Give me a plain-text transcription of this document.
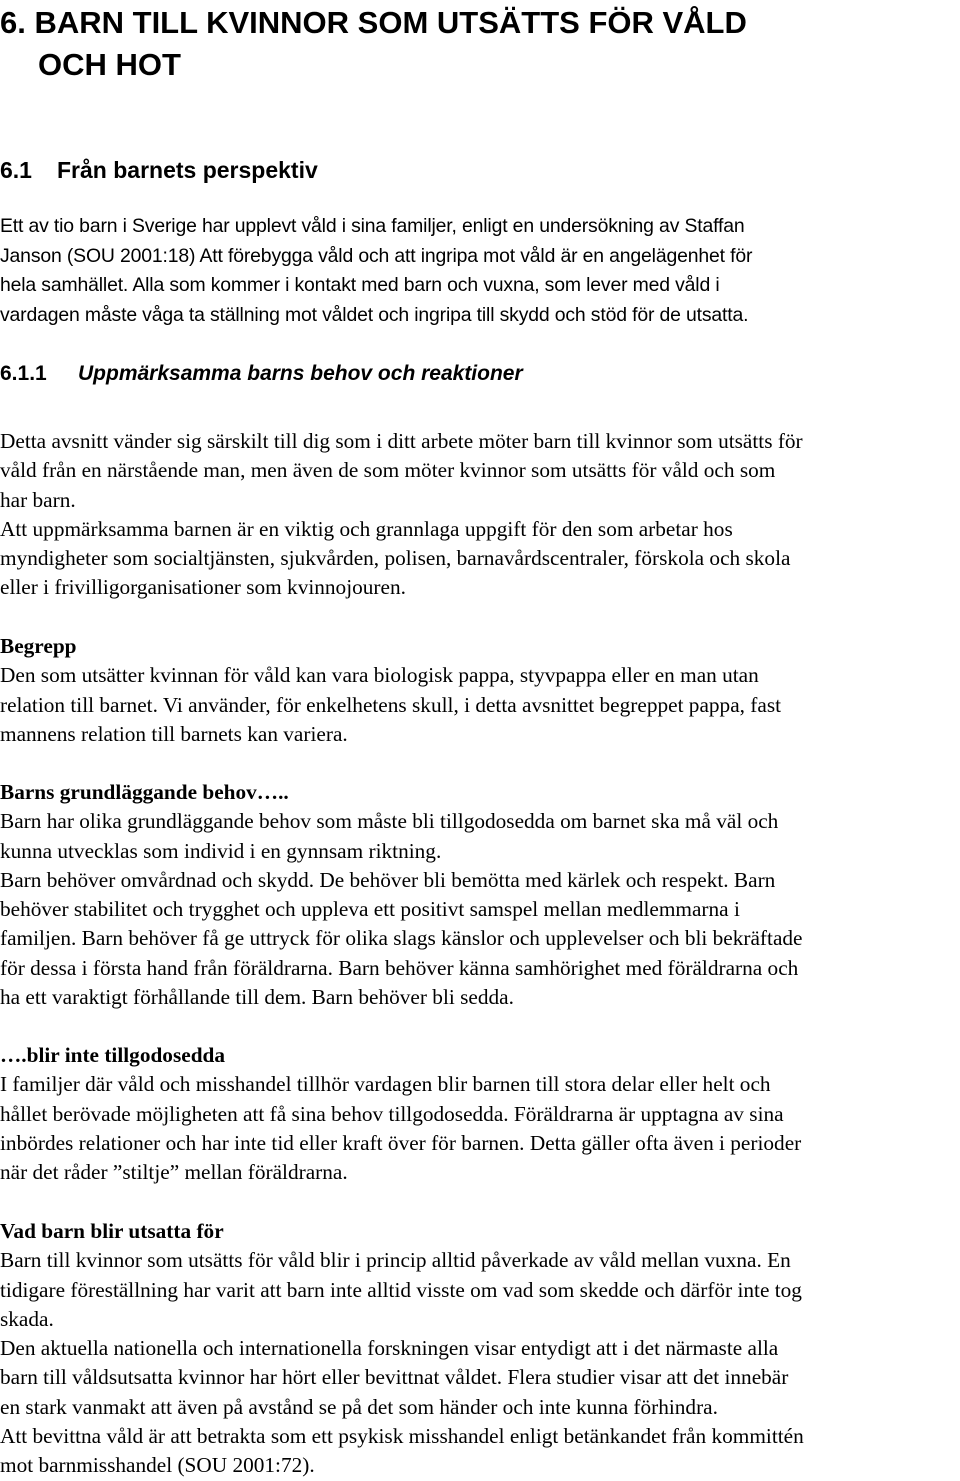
6. BARN TILL KVINNOR SOM UTSÄTTS FÖR VÅLD
OCH HOT
6.1 Från barnets perspektiv
Ett av tio barn i Sverige har upplevt våld i sina familjer, enligt en undersökning av Staffan
Janson (SOU 2001:18) Att förebygga våld och att ingripa mot våld är en angelägenhet för
hela samhället. Alla som kommer i kontakt med barn och vuxna, som lever med våld i
vardagen måste våga ta ställning mot våldet och ingripa till skydd och stöd för de utsatta.
6.1.1 Uppmärksamma barns behov och reaktioner
Detta avsnitt vänder sig särskilt till dig som i ditt arbete möter barn till kvinnor som utsätts för
våld från en närstående man, men även de som möter kvinnor som utsätts för våld och som
har barn.
Att uppmärksamma barnen är en viktig och grannlaga uppgift för den som arbetar hos
myndigheter som socialtjänsten, sjukvården, polisen, barnavårdscentraler, förskola och skola
eller i frivilligorganisationer som kvinnojouren.
Begrepp
Den som utsätter kvinnan för våld kan vara biologisk pappa, styvpappa eller en man utan
relation till barnet. Vi använder, för enkelhetens skull, i detta avsnittet begreppet pappa, fast
mannens relation till barnets kan variera.
Barns grundläggande behov…..
Barn har olika grundläggande behov som måste bli tillgodosedda om barnet ska må väl och
kunna utvecklas som individ i en gynnsam riktning.
Barn behöver omvårdnad och skydd. De behöver bli bemötta med kärlek och respekt. Barn
behöver stabilitet och trygghet och uppleva ett positivt samspel mellan medlemmarna i
familjen. Barn behöver få ge uttryck för olika slags känslor och upplevelser och bli bekräftade
för dessa i första hand från föräldrarna. Barn behöver känna samhörighet med föräldrarna och
ha ett varaktigt förhållande till dem. Barn behöver bli sedda.
….blir inte tillgodosedda
I familjer där våld och misshandel tillhör vardagen blir barnen till stora delar eller helt och
hållet berövade möjligheten att få sina behov tillgodosedda. Föräldrarna är upptagna av sina
inbördes relationer och har inte tid eller kraft över för barnen. Detta gäller ofta även i perioder
när det råder ”stiltje” mellan föräldrarna.
Vad barn blir utsatta för
Barn till kvinnor som utsätts för våld blir i princip alltid påverkade av våld mellan vuxna. En
tidigare föreställning har varit att barn inte alltid visste om vad som skedde och därför inte tog
skada.
Den aktuella nationella och internationella forskningen visar entydigt att i det närmaste alla
barn till våldsutsatta kvinnor har hört eller bevittnat våldet. Flera studier visar att det innebär
en stark vanmakt att även på avstånd se på det som händer och inte kunna förhindra.
Att bevittna våld är att betrakta som ett psykisk misshandel enligt betänkandet från kommittén
mot barnmisshandel (SOU 2001:72).
